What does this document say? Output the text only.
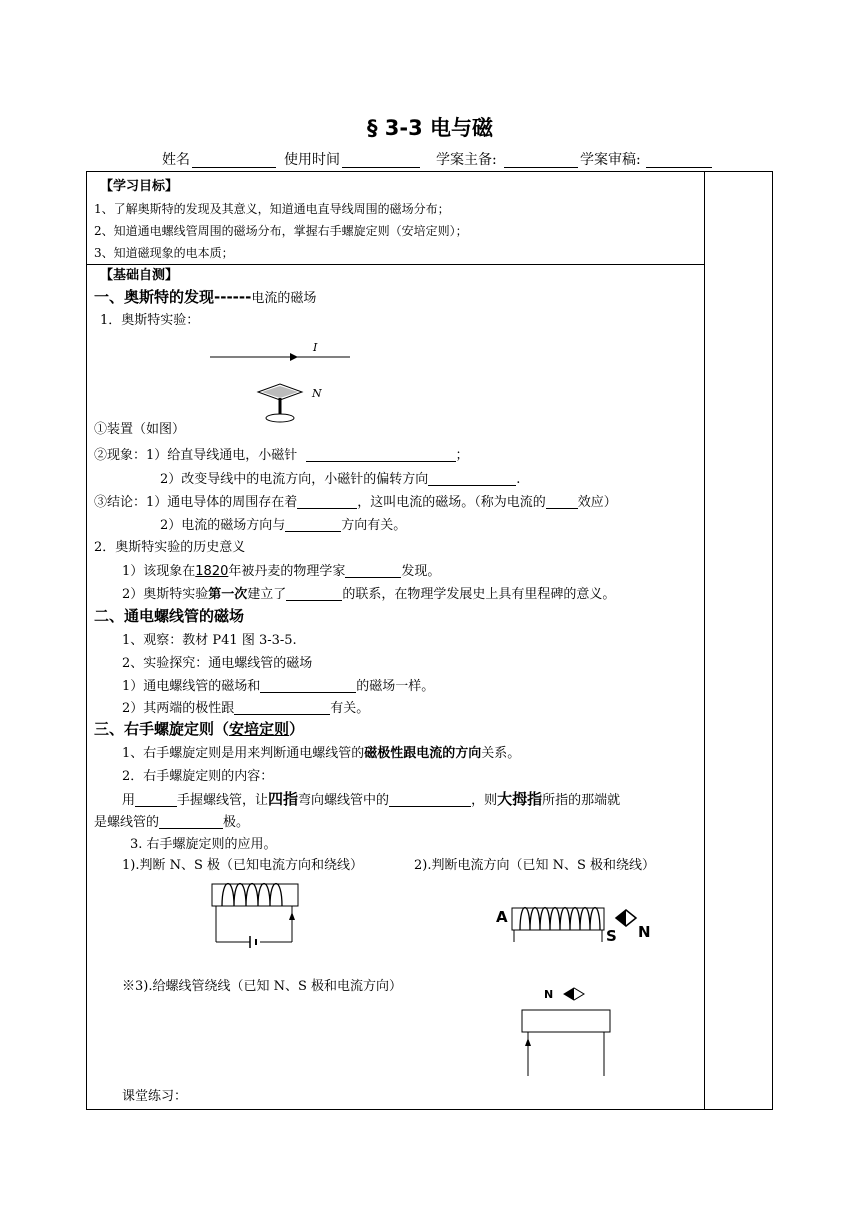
§ 3-3 电与磁
姓名	使用时间	学案主备:	学案审稿:
【学习目标】
1、了解奥斯特的发现及其意义，知道通电直导线周围的磁场分布；
2、知道通电螺线管周围的磁场分布，掌握右手螺旋定则（安培定则）；
3、知道磁现象的电本质；
【基础自测】
一、奥斯特的发现------电流的磁场
1．奥斯特实验：
I
N
①装置（如图）
②现象：1）给直导线通电，小磁针	；
2）改变导线中的电流方向，小磁针的偏转方向	.
③结论：1）通电导体的周围存在着	，这叫电流的磁场。（称为电流的 效应）
2）电流的磁场方向与	方向有关。
2．奥斯特实验的历史意义
1）该现象在1820年被丹麦的物理学家	发现。
2）奥斯特实验第一次建立了	的联系，在物理学发展史上具有里程碑的意义。
二、通电螺线管的磁场
1、观察：教材 P41 图 3-3-5.
2、实验探究：通电螺线管的磁场
1）通电螺线管的磁场和	的磁场一样。
2）其两端的极性跟	有关。
三、右手螺旋定则（安培定则）
1、右手螺旋定则是用来判断通电螺线管的磁极性跟电流的方向关系。
2．右手螺旋定则的内容：
用	手握螺线管，让四指弯向螺线管中的	，则大拇指所指的那端就
是螺线管的	极。
3. 右手螺旋定则的应用。
1).判断 N、S 极（已知电流方向和绕线）	2).判断电流方向（已知 N、S 极和绕线）
A
S N
※3).给螺线管绕线（已知 N、S 极和电流方向）
N
课堂练习：
